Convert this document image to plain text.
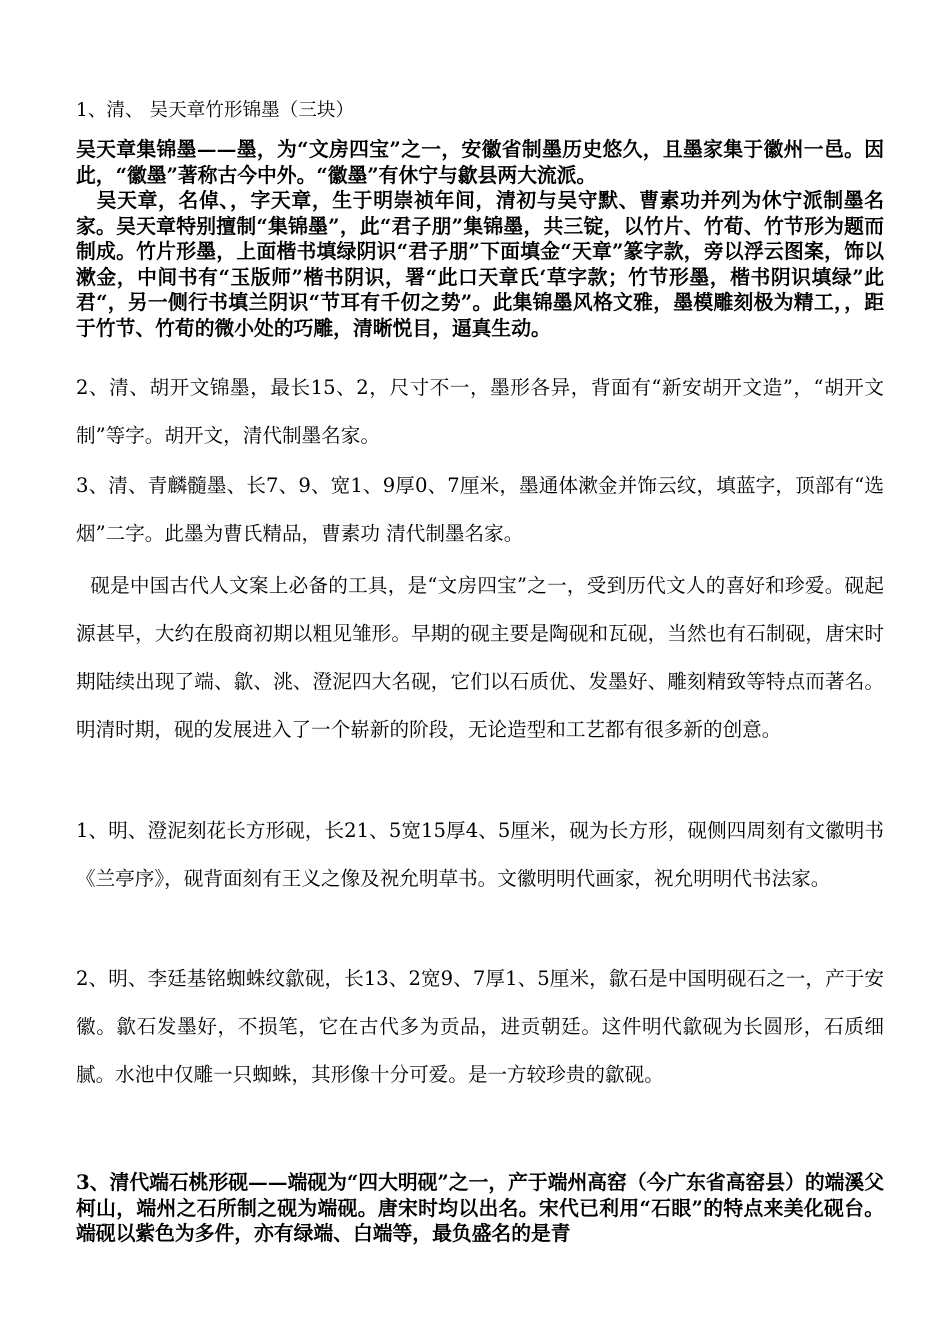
1、清、 吴天章竹形锦墨（三块）

吴天章集锦墨——墨，为“文房四宝”之一，安徽省制墨历史悠久，且墨家集于徽州一邑。因此，“徽墨”著称古今中外。“徽墨”有休宁与歙县两大流派。

吴天章，名倬、，字天章，生于明崇祯年间，清初与吴守默、曹素功并列为休宁派制墨名家。吴天章特别擅制“集锦墨”，此“君子朋”集锦墨，共三锭，以竹片、竹荀、竹节形为题而制成。竹片形墨，上面楷书填绿阴识“君子朋”下面填金“天章”篆字款，旁以浮云图案，饰以漱金，中间书有“玉版师”楷书阴识，署“此口天章氏‘草字款；竹节形墨，楷书阴识填绿”此君“，另一侧行书填兰阴识“节耳有千仞之势”。此集锦墨风格文雅，墨模雕刻极为精工，，距于竹节、竹荀的微小处的巧雕，清晰悦目，逼真生动。

2、清、胡开文锦墨，最长15、2，尺寸不一，墨形各异，背面有“新安胡开文造”，“胡开文制”等字。胡开文，清代制墨名家。

3、清、青麟髓墨、长7、9、宽1、9厚0、7厘米，墨通体漱金并饰云纹，填蓝字，顶部有“选烟”二字。此墨为曹氏精品，曹素功 清代制墨名家。

砚是中国古代人文案上必备的工具，是“文房四宝”之一，受到历代文人的喜好和珍爱。砚起源甚早，大约在殷商初期以粗见雏形。早期的砚主要是陶砚和瓦砚，当然也有石制砚，唐宋时期陆续出现了端、歙、洮、澄泥四大名砚，它们以石质优、发墨好、雕刻精致等特点而著名。明清时期，砚的发展进入了一个崭新的阶段，无论造型和工艺都有很多新的创意。

1、明、澄泥刻花长方形砚，长21、5宽15厚4、5厘米，砚为长方形，砚侧四周刻有文徽明书《兰亭序》，砚背面刻有王义之像及祝允明草书。文徽明明代画家，祝允明明代书法家。

2、明、李廷基铭蜘蛛纹歙砚，长13、2宽9、7厚1、5厘米，歙石是中国明砚石之一，产于安徽。歙石发墨好，不损笔，它在古代多为贡品，进贡朝廷。这件明代歙砚为长圆形，石质细腻。水池中仅雕一只蜘蛛，其形像十分可爱。是一方较珍贵的歙砚。

3、清代端石桃形砚——端砚为“四大明砚”之一，产于端州高窑（今广东省高窑县）的端溪父柯山，端州之石所制之砚为端砚。唐宋时均以出名。宋代已利用“石眼”的特点来美化砚台。端砚以紫色为多件，亦有绿端、白端等，最负盛名的是青
